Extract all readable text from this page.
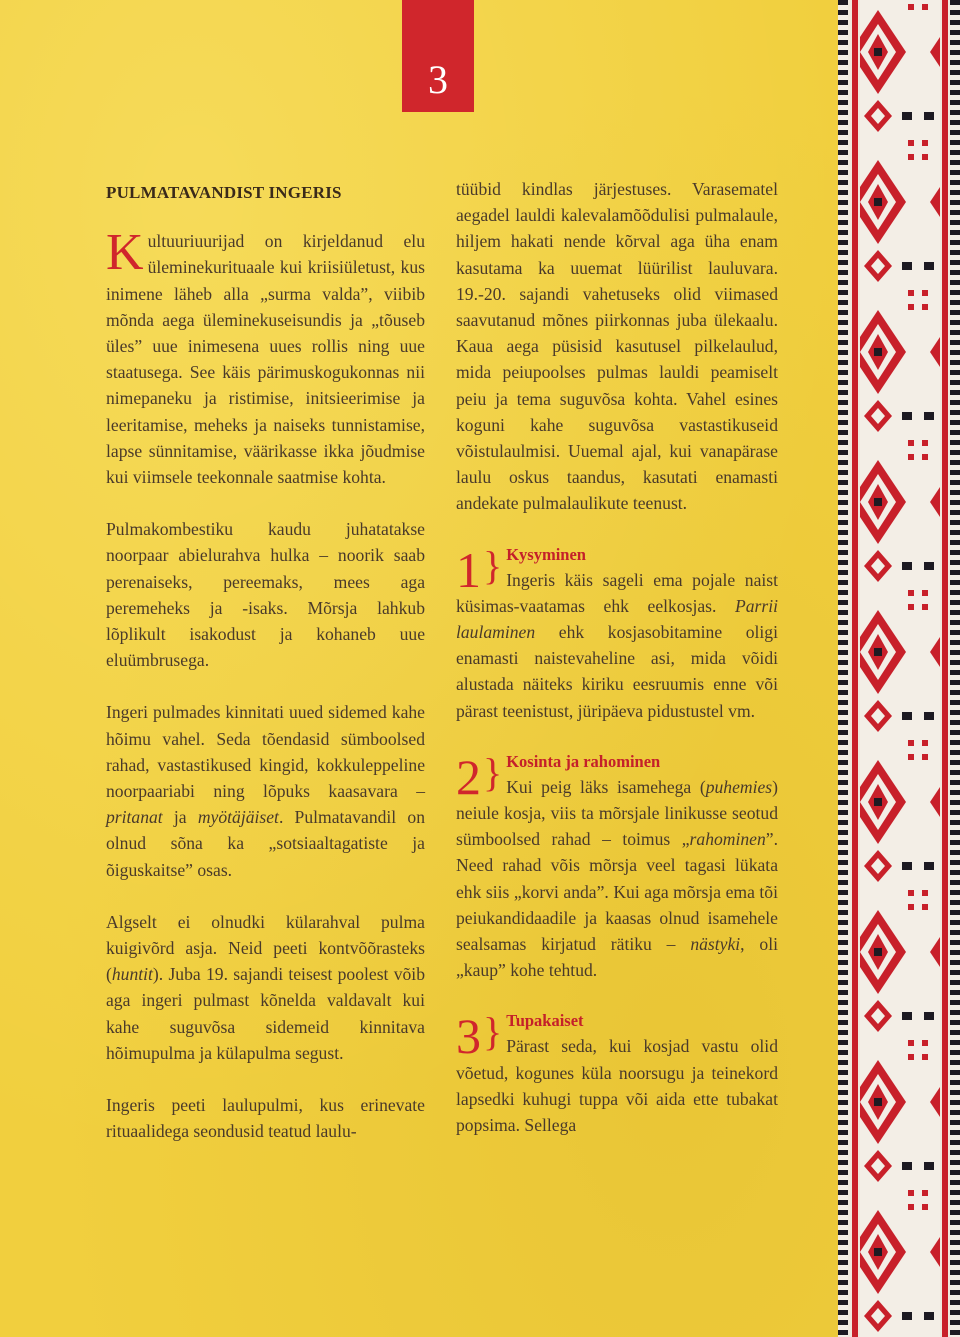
3
PULMATAVANDIST INGERIS

Kultuuriuurijad on kirjeldanud elu üleminekurituaale kui kriisiületust, kus inimene läheb alla „surma valda”, viibib mõnda aega üleminekuseisundis ja „tõuseb üles” uue inimesena uues rollis ning uue staatusega. See käis pärimuskogukonnas nii nimepaneku ja ristimise, initsieerimise ja leeritamise, meheks ja naiseks tunnistamise, lapse sünnitamise, väärikasse ikka jõudmise kui viimsele teekonnale saatmise kohta.

Pulmakombestiku kaudu juhatatakse noorpaar abielurahva hulka – noorik saab perenaiseks, pereemaks, mees aga peremeheks ja -isaks. Mõrsja lahkub lõplikult isakodust ja kohaneb uue eluümbrusega.

Ingeri pulmades kinnitati uued sidemed kahe hõimu vahel. Seda tõendasid sümboolsed rahad, vastastikused kingid, kokkuleppeline noorpaariabi ning lõpuks kaasavara – pritanat ja myötäjäiset. Pulmatavandil on olnud sõna ka „sotsiaaltagatiste ja õiguskaitse” osas.

Algselt ei olnudki külarahval pulma kuigivõrd asja. Neid peeti kontvõõrasteks (huntit). Juba 19. sajandi teisest poolest võib aga ingeri pulmast kõnelda valdavalt kui kahe suguvõsa sidemeid kinnitava hõimupulma ja külapulma segust.

Ingeris peeti laulupulmi, kus erinevate rituaalidega seondusid teatud laulu-

tüübid kindlas järjestuses. Varasematel aegadel lauldi kalevalamõõdulisi pulmalaule, hiljem hakati nende kõrval aga üha enam kasutama ka uuemat lüürilist lauluvara. 19.-20. sajandi vahetuseks olid viimased saavutanud mõnes piirkonnas juba ülekaalu. Kaua aega püsisid kasutusel pilkelaulud, mida peiupoolses pulmas lauldi peamiselt peiu ja tema suguvõsa kohta. Vahel esines koguni kahe suguvõsa vastastikuseid võistulaulmisi. Uuemal ajal, kui vanapärase laulu oskus taandus, kasutati enamasti andekate pulmalaulikute teenust.

1 } Kysyminen
Ingeris käis sageli ema pojale naist küsimas-vaatamas ehk eelkosjas. Parrii laulaminen ehk kosjasobitamine oligi enamasti naistevaheline asi, mida võidi alustada näiteks kiriku eesruumis enne või pärast teenistust, jüripäeva pidustustel vm.
2 } Kosinta ja rahominen
Kui peig läks isamehega (puhemies) neiule kosja, viis ta mõrsjale linikusse seotud sümboolsed rahad – toimus „rahominen”. Need rahad võis mõrsja veel tagasi lükata ehk siis „korvi anda”. Kui aga mõrsja ema tõi peiukandidaadile ja kaasas olnud isamehele sealsamas kirjatud rätiku – nästyki, oli „kaup” kohe tehtud.
3 } Tupakaiset
Pärast seda, kui kosjad vastu olid võetud, kogunes küla noorsugu ja teinekord lapsedki kuhugi tuppa või aida ette tubakat popsima. Sellega
